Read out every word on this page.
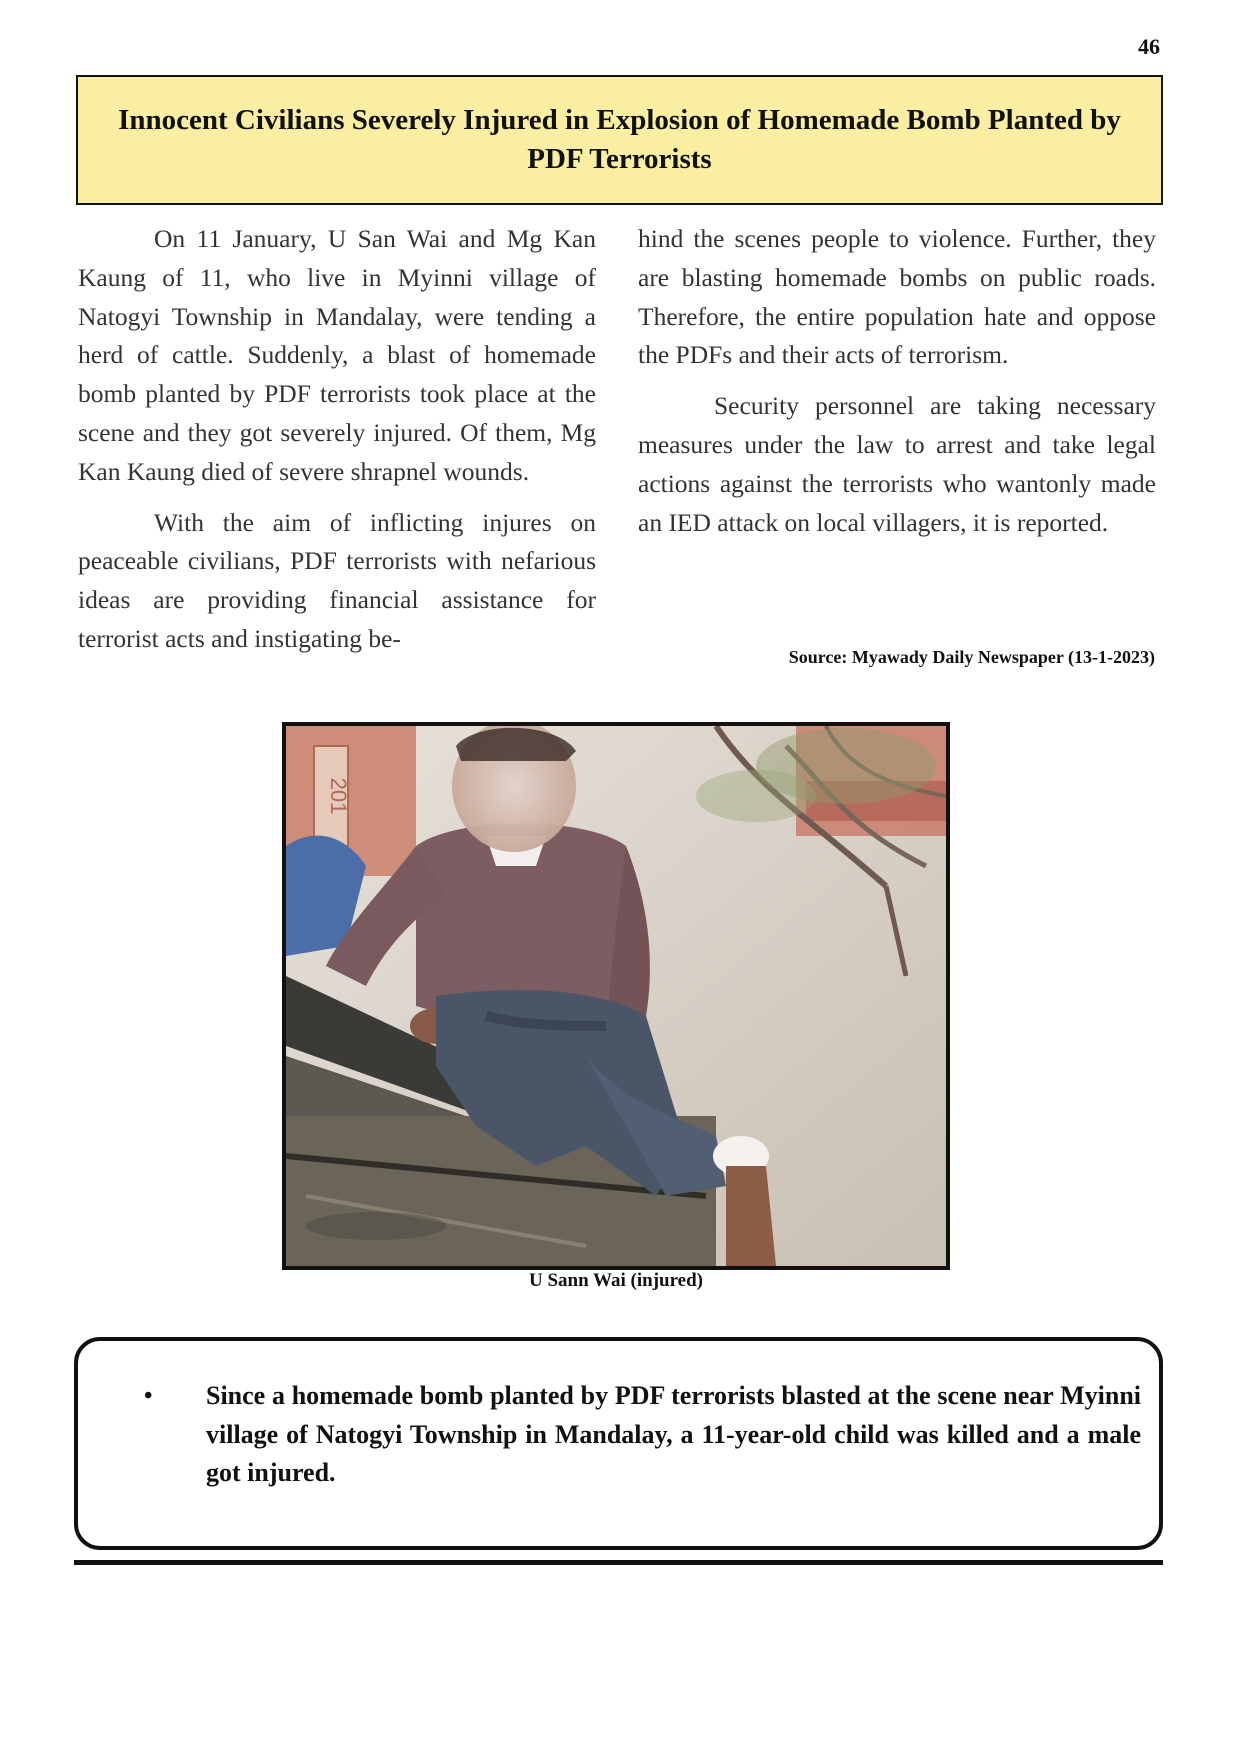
46
Innocent Civilians Severely Injured in Explosion of Homemade Bomb Planted by PDF Terrorists

On 11 January, U San Wai and Mg Kan Kaung of 11, who live in Myinni village of Natogyi Township in Mandalay, were tending a herd of cattle. Suddenly, a blast of homemade bomb planted by PDF terrorists took place at the scene and they got severely injured. Of them, Mg Kan Kaung died of severe shrapnel wounds.

With the aim of inflicting injures on peaceable civilians, PDF terrorists with nefarious ideas are providing financial assistance for terrorist acts and instigating be-

hind the scenes people to violence. Further, they are blasting homemade bombs on public roads. Therefore, the entire population hate and oppose the PDFs and their acts of terrorism.

Security personnel are taking necessary measures under the law to arrest and take legal actions against the terrorists who wantonly made an IED attack on local villagers, it is reported.

Source: Myawady Daily Newspaper (13-1-2023)
201
U Sann Wai (injured)
• Since a homemade bomb planted by PDF terrorists blasted at the scene near Myinni village of Natogyi Township in Mandalay, a 11-year-old child was killed and a male got injured.
